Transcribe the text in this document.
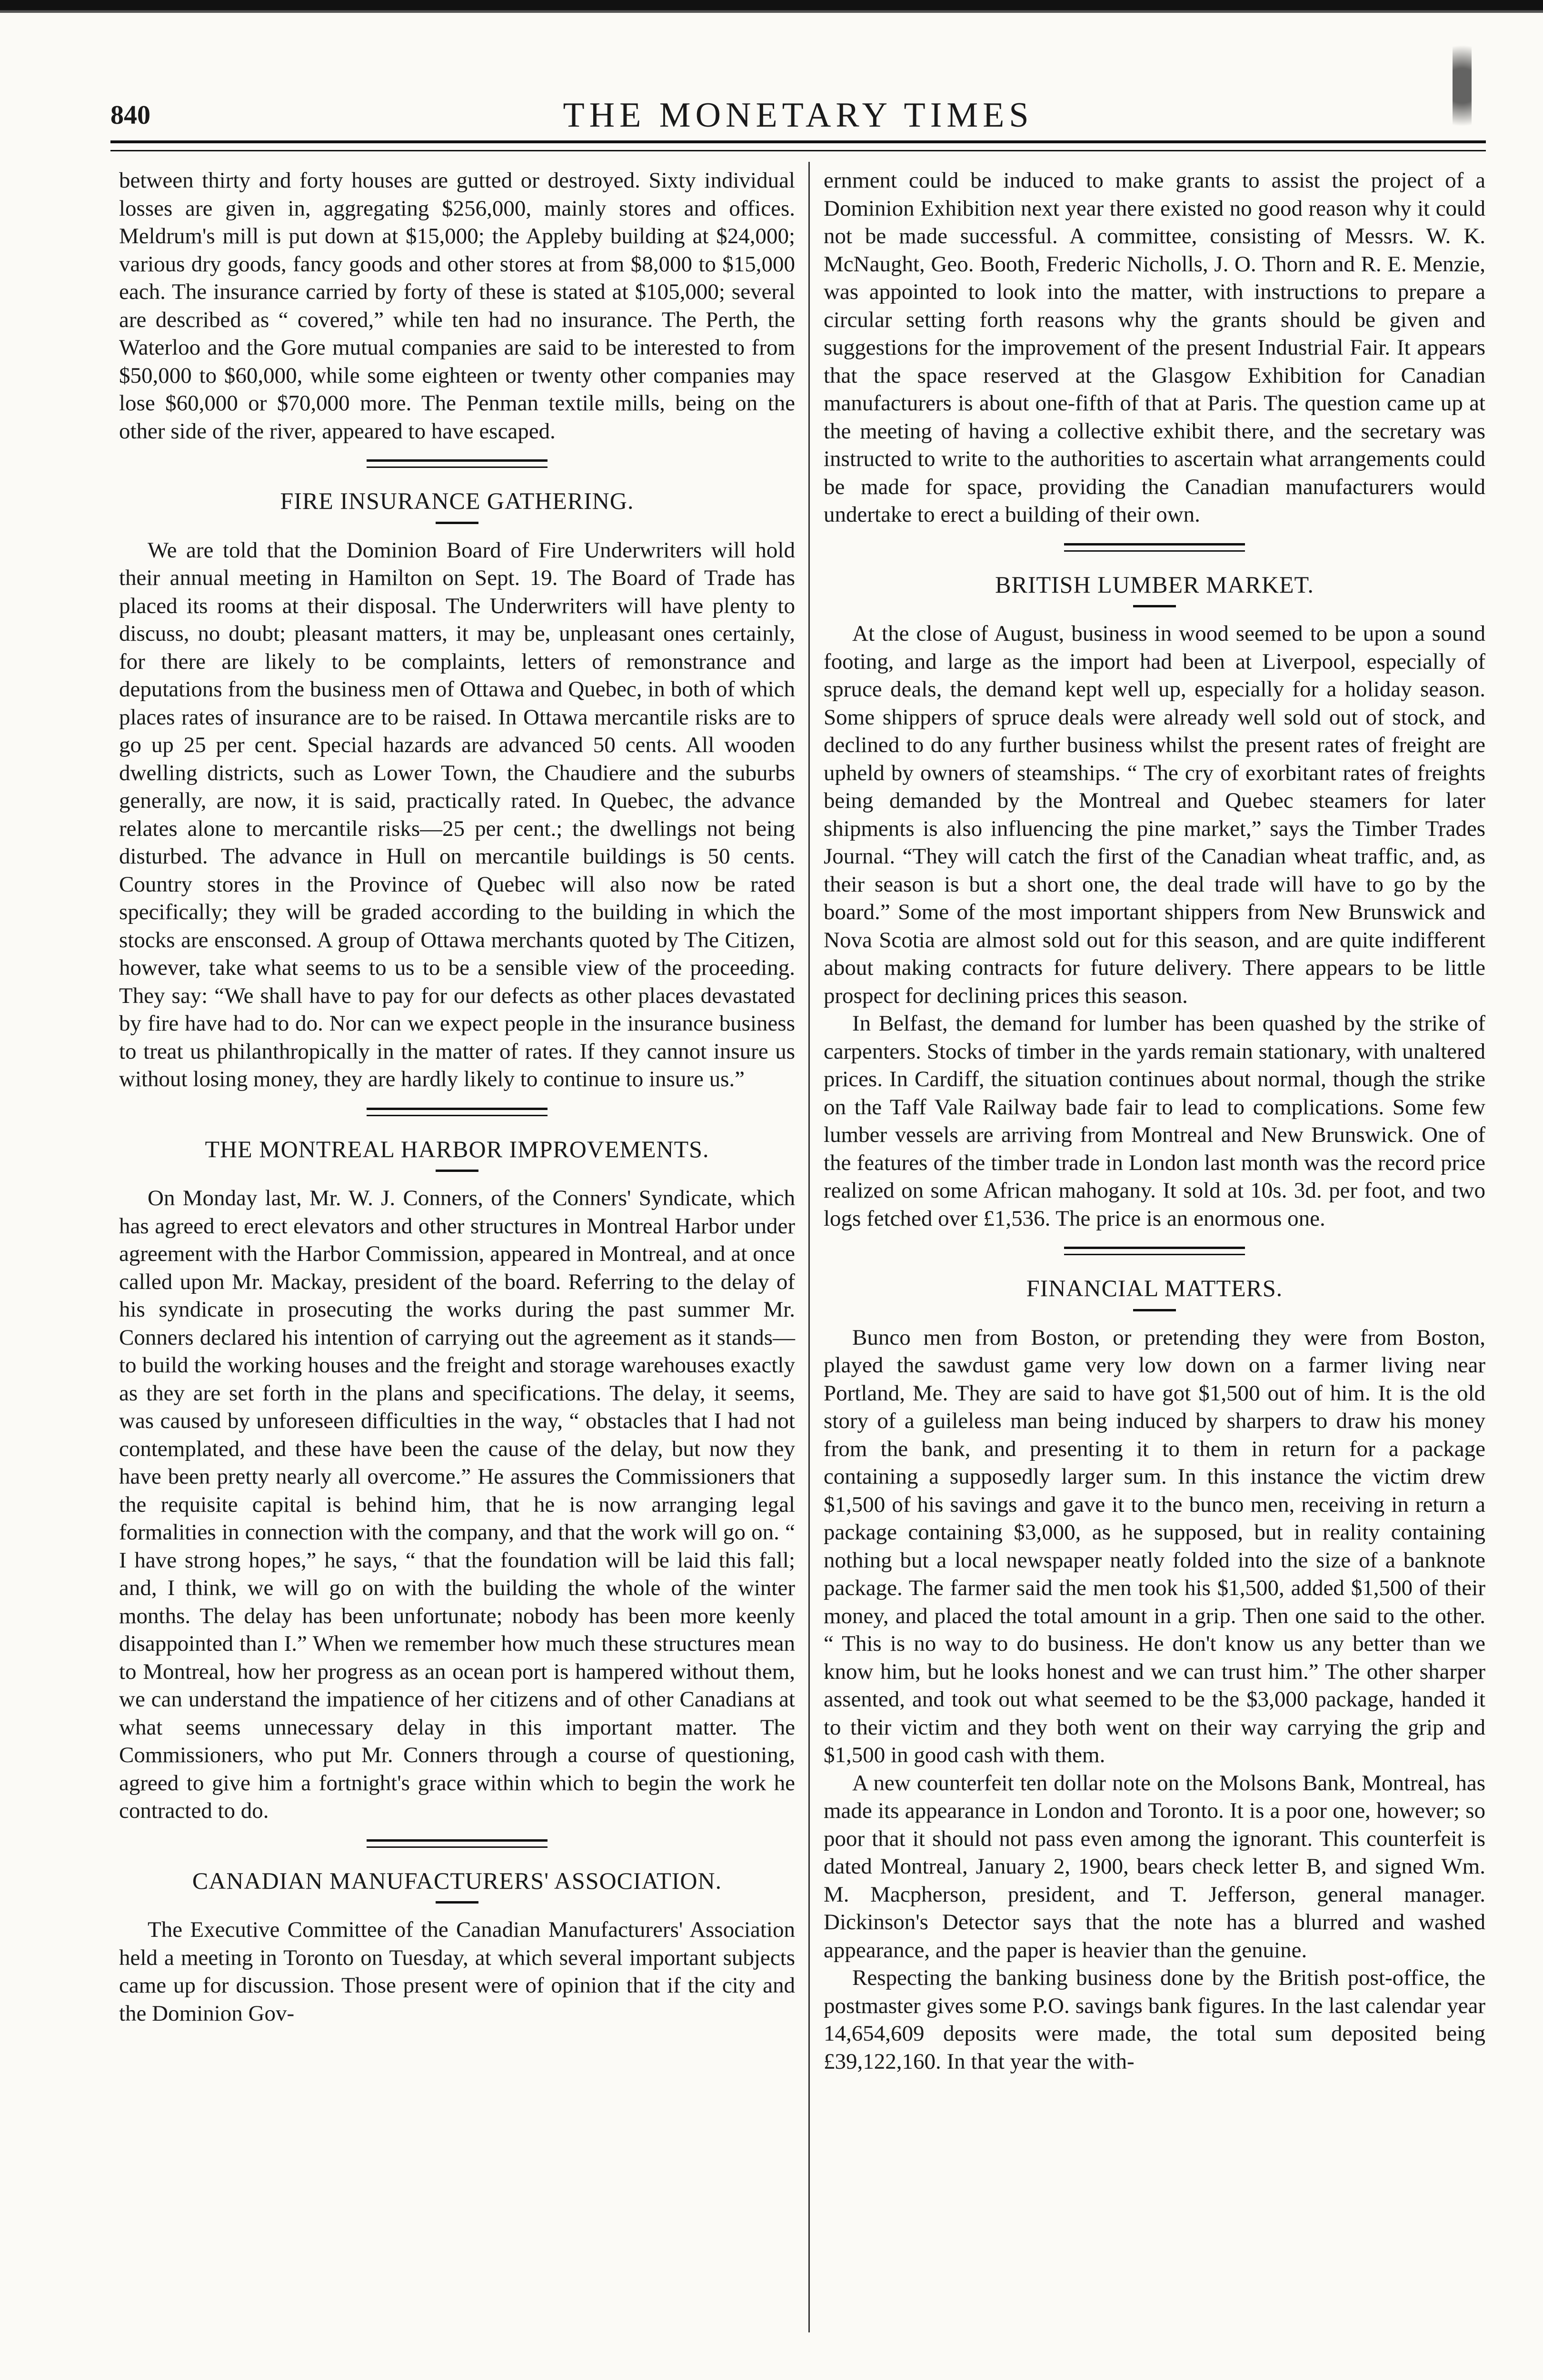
840	THE MONETARY TIMES

between thirty and forty houses are gutted or destroyed. Sixty individual losses are given in, aggregating $256,000, mainly stores and offices. Meldrum's mill is put down at $15,000; the Appleby building at $24,000; various dry goods, fancy goods and other stores at from $8,000 to $15,000 each. The insurance carried by forty of these is stated at $105,000; several are described as “ covered,” while ten had no insurance. The Perth, the Waterloo and the Gore mutual companies are said to be interested to from $50,000 to $60,000, while some eighteen or twenty other companies may lose $60,000 or $70,000 more. The Penman textile mills, being on the other side of the river, appeared to have escaped.

FIRE INSURANCE GATHERING.

We are told that the Dominion Board of Fire Underwriters will hold their annual meeting in Hamilton on Sept. 19. The Board of Trade has placed its rooms at their disposal. The Underwriters will have plenty to discuss, no doubt; pleasant matters, it may be, unpleasant ones certainly, for there are likely to be complaints, letters of remonstrance and deputations from the business men of Ottawa and Quebec, in both of which places rates of insurance are to be raised. In Ottawa mercantile risks are to go up 25 per cent. Special hazards are advanced 50 cents. All wooden dwelling districts, such as Lower Town, the Chaudiere and the suburbs generally, are now, it is said, practically rated. In Quebec, the advance relates alone to mercantile risks—25 per cent.; the dwellings not being disturbed. The advance in Hull on mercantile buildings is 50 cents. Country stores in the Province of Quebec will also now be rated specifically; they will be graded according to the building in which the stocks are ensconsed. A group of Ottawa merchants quoted by The Citizen, however, take what seems to us to be a sensible view of the proceeding. They say: “We shall have to pay for our defects as other places devastated by fire have had to do. Nor can we expect people in the insurance business to treat us philanthropically in the matter of rates. If they cannot insure us without losing money, they are hardly likely to continue to insure us.”

THE MONTREAL HARBOR IMPROVEMENTS.

On Monday last, Mr. W. J. Conners, of the Conners' Syndicate, which has agreed to erect elevators and other structures in Montreal Harbor under agreement with the Harbor Commission, appeared in Montreal, and at once called upon Mr. Mackay, president of the board. Referring to the delay of his syndicate in prosecuting the works during the past summer Mr. Conners declared his intention of carrying out the agreement as it stands—to build the working houses and the freight and storage warehouses exactly as they are set forth in the plans and specifications. The delay, it seems, was caused by unforeseen difficulties in the way, “ obstacles that I had not contemplated, and these have been the cause of the delay, but now they have been pretty nearly all overcome.” He assures the Commissioners that the requisite capital is behind him, that he is now arranging legal formalities in connection with the company, and that the work will go on. “ I have strong hopes,” he says, “ that the foundation will be laid this fall; and, I think, we will go on with the building the whole of the winter months. The delay has been unfortunate; nobody has been more keenly disappointed than I.” When we remember how much these structures mean to Montreal, how her progress as an ocean port is hampered without them, we can understand the impatience of her citizens and of other Canadians at what seems unnecessary delay in this important matter. The Commissioners, who put Mr. Conners through a course of questioning, agreed to give him a fortnight's grace within which to begin the work he contracted to do.

CANADIAN MANUFACTURERS' ASSOCIATION.

The Executive Committee of the Canadian Manufacturers' Association held a meeting in Toronto on Tuesday, at which several important subjects came up for discussion. Those present were of opinion that if the city and the Dominion Gov-

ernment could be induced to make grants to assist the project of a Dominion Exhibition next year there existed no good reason why it could not be made successful. A committee, consisting of Messrs. W. K. McNaught, Geo. Booth, Frederic Nicholls, J. O. Thorn and R. E. Menzie, was appointed to look into the matter, with instructions to prepare a circular setting forth reasons why the grants should be given and suggestions for the improvement of the present Industrial Fair. It appears that the space reserved at the Glasgow Exhibition for Canadian manufacturers is about one-fifth of that at Paris. The question came up at the meeting of having a collective exhibit there, and the secretary was instructed to write to the authorities to ascertain what arrangements could be made for space, providing the Canadian manufacturers would undertake to erect a building of their own.

BRITISH LUMBER MARKET.

At the close of August, business in wood seemed to be upon a sound footing, and large as the import had been at Liverpool, especially of spruce deals, the demand kept well up, especially for a holiday season. Some shippers of spruce deals were already well sold out of stock, and declined to do any further business whilst the present rates of freight are upheld by owners of steamships. “ The cry of exorbitant rates of freights being demanded by the Montreal and Quebec steamers for later shipments is also influencing the pine market,” says the Timber Trades Journal. “They will catch the first of the Canadian wheat traffic, and, as their season is but a short one, the deal trade will have to go by the board.” Some of the most important shippers from New Brunswick and Nova Scotia are almost sold out for this season, and are quite indifferent about making contracts for future delivery. There appears to be little prospect for declining prices this season.

In Belfast, the demand for lumber has been quashed by the strike of carpenters. Stocks of timber in the yards remain stationary, with unaltered prices. In Cardiff, the situation continues about normal, though the strike on the Taff Vale Railway bade fair to lead to complications. Some few lumber vessels are arriving from Montreal and New Brunswick. One of the features of the timber trade in London last month was the record price realized on some African mahogany. It sold at 10s. 3d. per foot, and two logs fetched over £1,536. The price is an enormous one.

FINANCIAL MATTERS.

Bunco men from Boston, or pretending they were from Boston, played the sawdust game very low down on a farmer living near Portland, Me. They are said to have got $1,500 out of him. It is the old story of a guileless man being induced by sharpers to draw his money from the bank, and presenting it to them in return for a package containing a supposedly larger sum. In this instance the victim drew $1,500 of his savings and gave it to the bunco men, receiving in return a package containing $3,000, as he supposed, but in reality containing nothing but a local newspaper neatly folded into the size of a banknote package. The farmer said the men took his $1,500, added $1,500 of their money, and placed the total amount in a grip. Then one said to the other. “ This is no way to do business. He don't know us any better than we know him, but he looks honest and we can trust him.” The other sharper assented, and took out what seemed to be the $3,000 package, handed it to their victim and they both went on their way carrying the grip and $1,500 in good cash with them.

A new counterfeit ten dollar note on the Molsons Bank, Montreal, has made its appearance in London and Toronto. It is a poor one, however; so poor that it should not pass even among the ignorant. This counterfeit is dated Montreal, January 2, 1900, bears check letter B, and signed Wm. M. Macpherson, president, and T. Jefferson, general manager. Dickinson's Detector says that the note has a blurred and washed appearance, and the paper is heavier than the genuine.

Respecting the banking business done by the British post-office, the postmaster gives some P.O. savings bank figures. In the last calendar year 14,654,609 deposits were made, the total sum deposited being £39,122,160. In that year the with-
